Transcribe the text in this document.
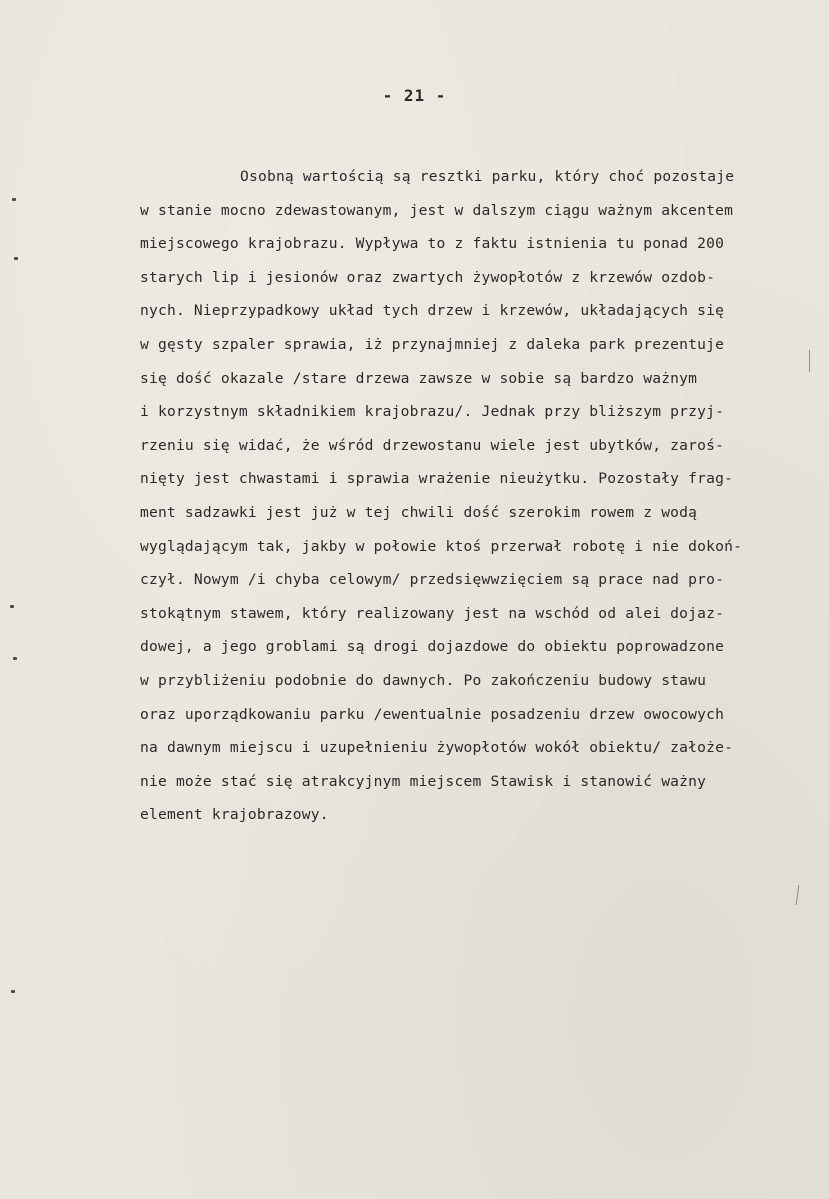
- 21 -
Osobną wartością są resztki parku, który choć pozostaje
w stanie mocno zdewastowanym, jest w dalszym ciągu ważnym akcentem
miejscowego krajobrazu. Wypływa to z faktu istnienia tu ponad 200
starych lip i jesionów oraz zwartych żywopłotów z krzewów ozdob-
nych. Nieprzypadkowy układ tych drzew i krzewów, układających się
w gęsty szpaler sprawia, iż przynajmniej z daleka park prezentuje
się dość okazale /stare drzewa zawsze w sobie są bardzo ważnym
i korzystnym składnikiem krajobrazu/. Jednak przy bliższym przyj-
rzeniu się widać, że wśród drzewostanu wiele jest ubytków, zaroś-
nięty jest chwastami i sprawia wrażenie nieużytku. Pozostały frag-
ment sadzawki jest już w tej chwili dość szerokim rowem z wodą
wyglądającym tak, jakby w połowie ktoś przerwał robotę i nie dokoń-
czył. Nowym /i chyba celowym/ przedsięwwzięciem są prace nad pro-
stokątnym stawem, który realizowany jest na wschód od alei dojaz-
dowej, a jego groblami są drogi dojazdowe do obiektu poprowadzone
w przybliżeniu podobnie do dawnych. Po zakończeniu budowy stawu
oraz uporządkowaniu parku /ewentualnie posadzeniu drzew owocowych
na dawnym miejscu i uzupełnieniu żywopłotów wokół obiektu/ założe-
nie może stać się atrakcyjnym miejscem Stawisk i stanowić ważny
element krajobrazowy.
